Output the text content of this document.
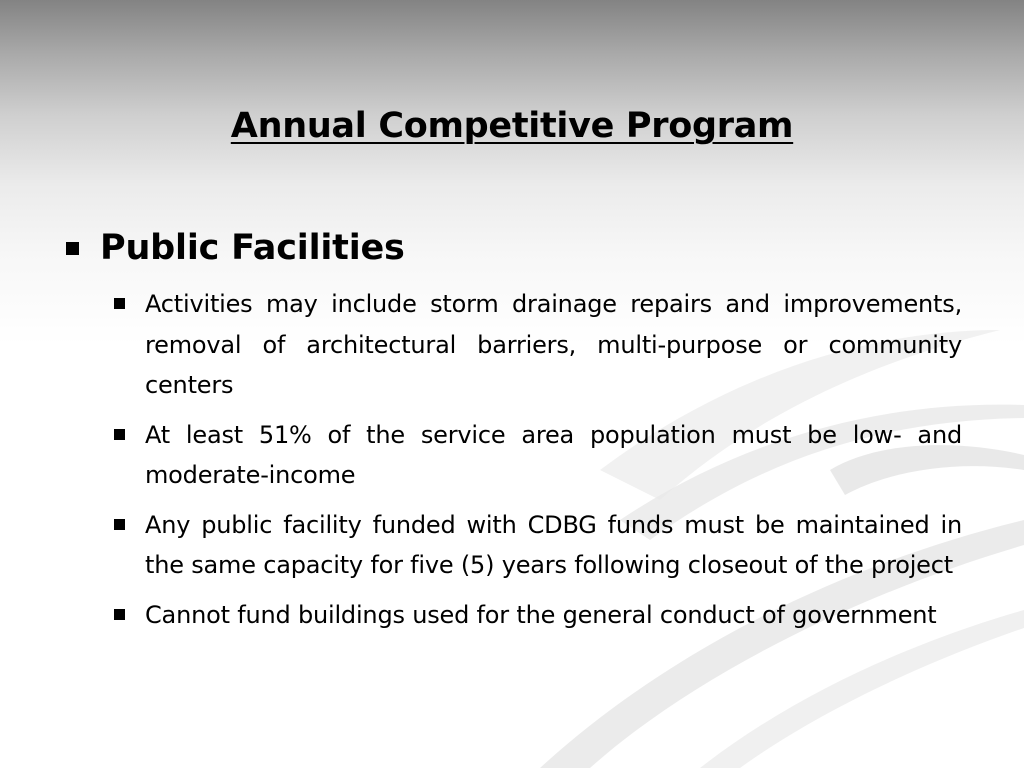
Annual Competitive Program
Public Facilities
Activities may include storm drainage repairs and improvements, removal of architectural barriers, multi-purpose or community centers
At least 51% of the service area population must be low- and moderate-income
Any public facility funded with CDBG funds must be maintained in the same capacity for five (5) years following closeout of the project
Cannot fund buildings used for the general conduct of government
